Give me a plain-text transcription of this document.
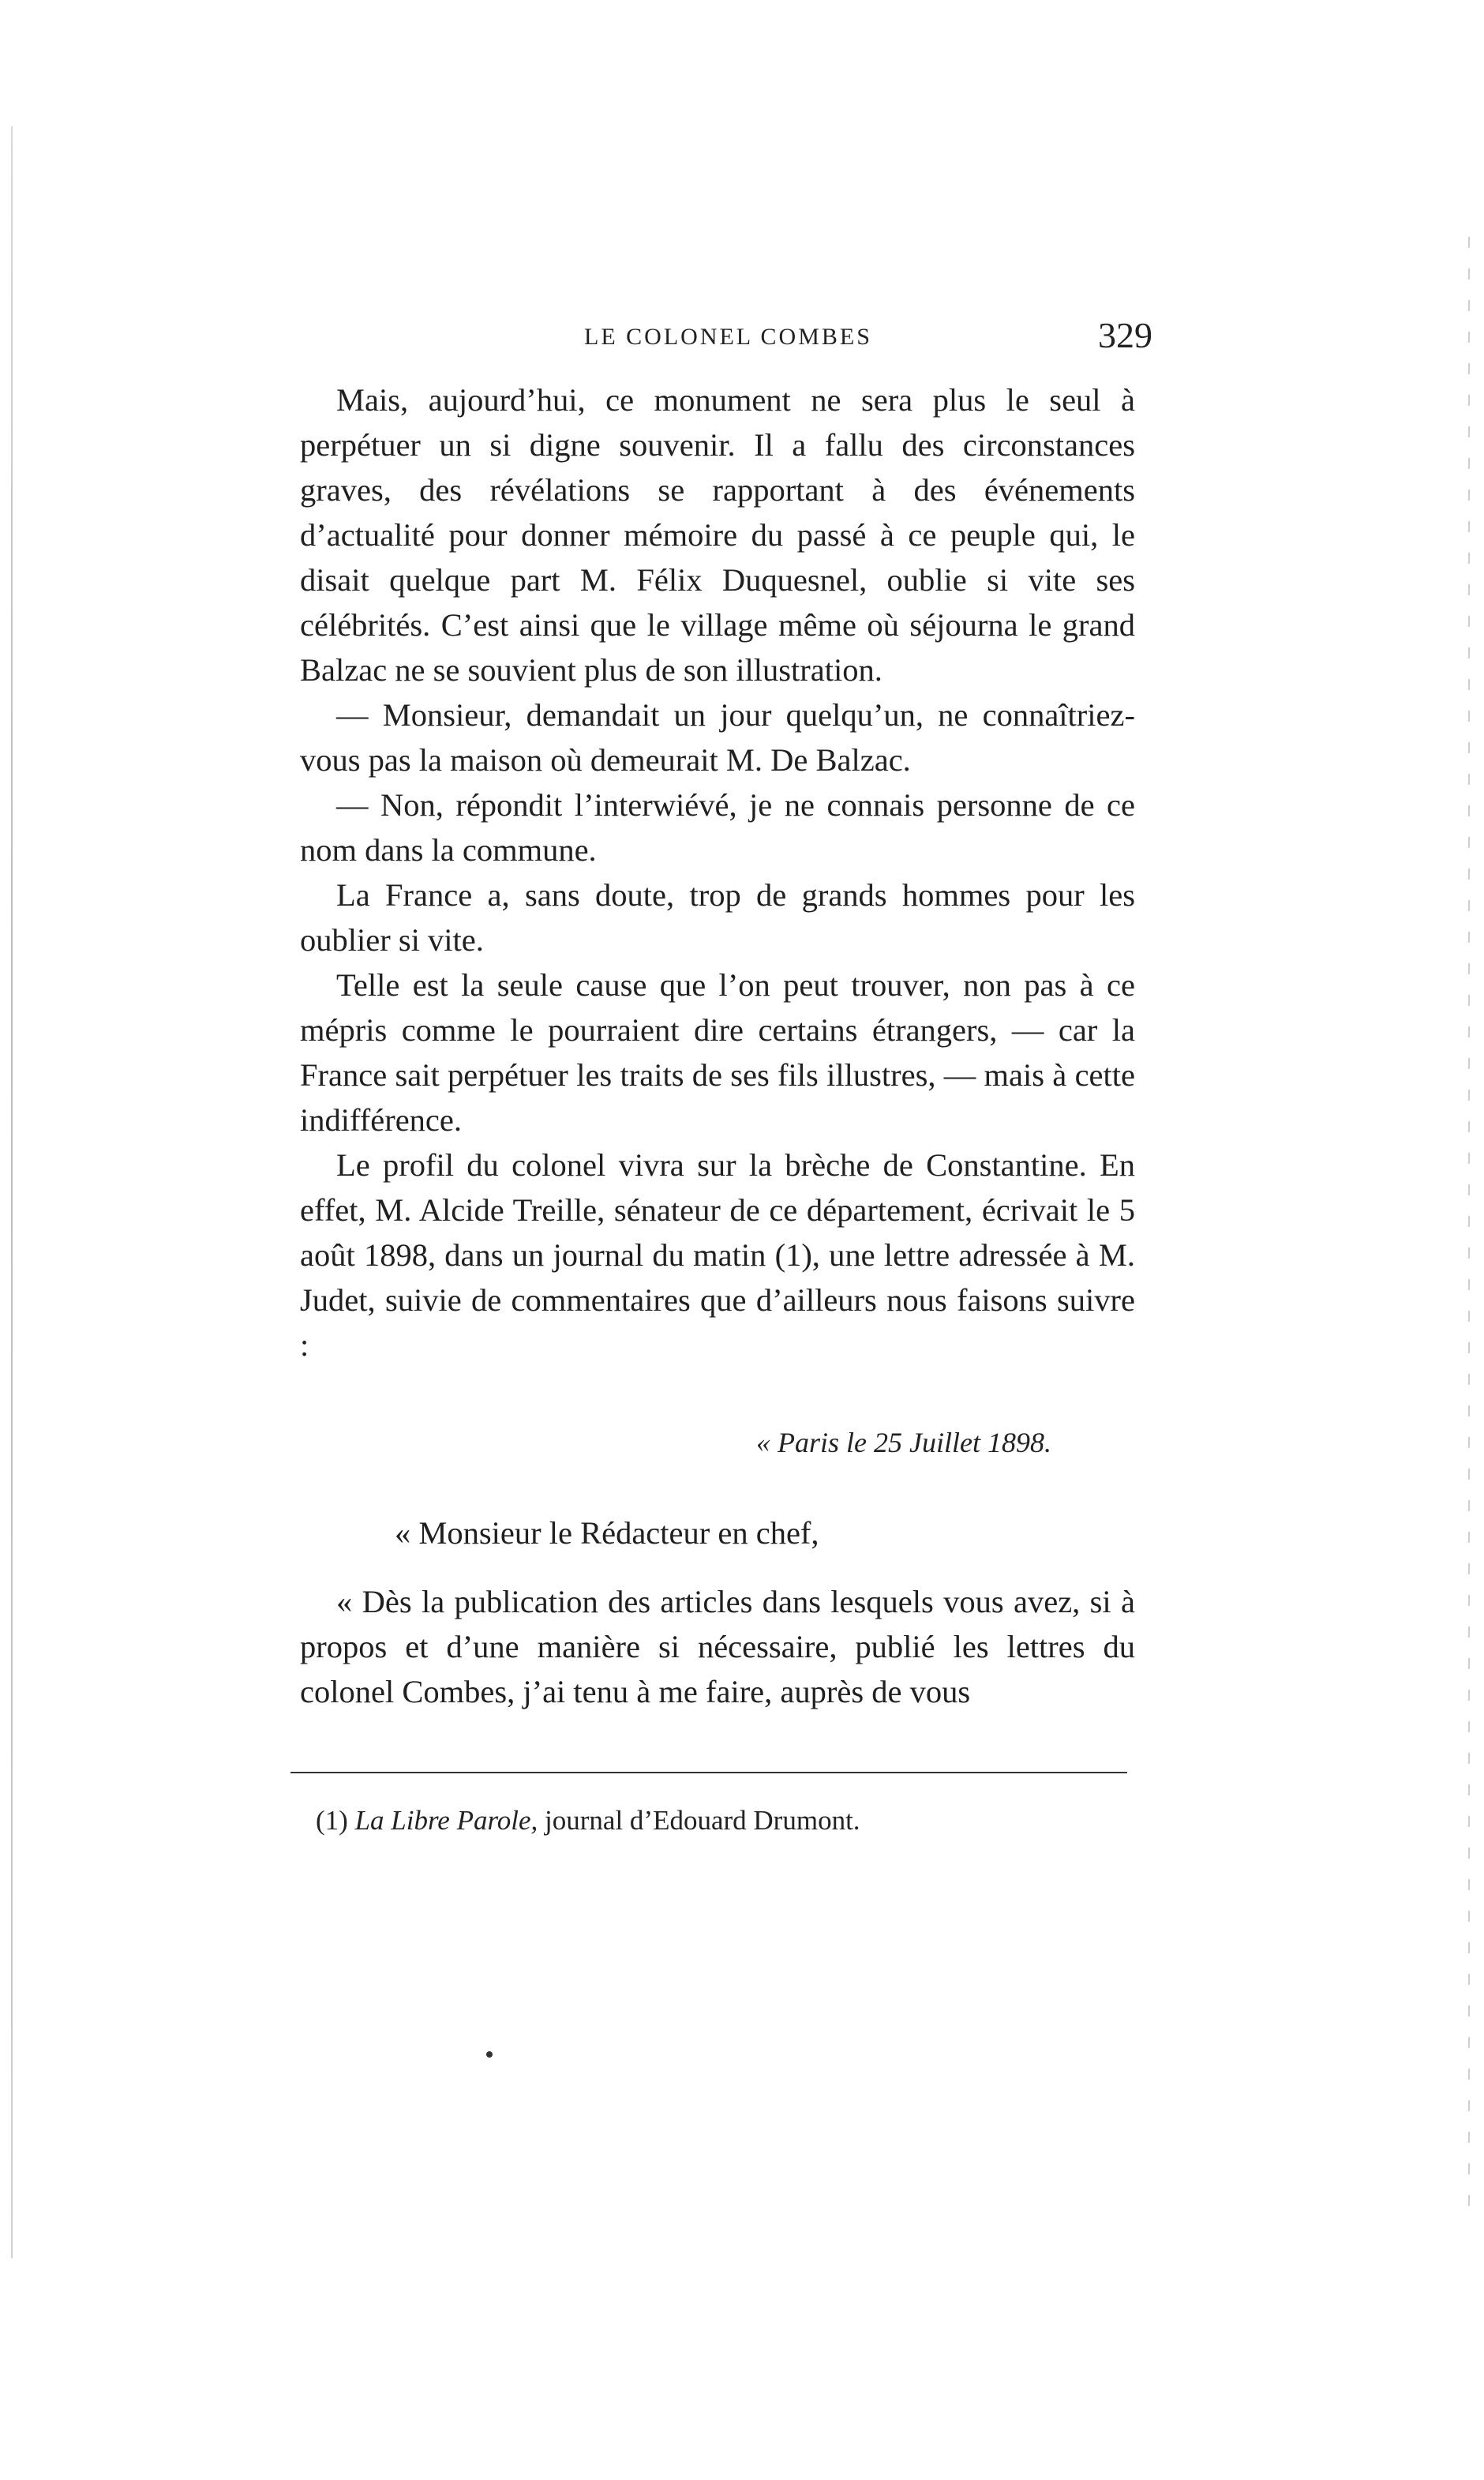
LE COLONEL COMBES	329

Mais, aujourd’hui, ce monument ne sera plus le seul à perpétuer un si digne souvenir. Il a fallu des circonstances graves, des révélations se rapportant à des événements d’actualité pour donner mémoire du passé à ce peuple qui, le disait quelque part M. Félix Duquesnel, oublie si vite ses célébrités. C’est ainsi que le village même où séjourna le grand Balzac ne se souvient plus de son illustration.

— Monsieur, demandait un jour quelqu’un, ne connaîtriez-vous pas la maison où demeurait M. De Balzac.

— Non, répondit l’interwiévé, je ne connais personne de ce nom dans la commune.

La France a, sans doute, trop de grands hommes pour les oublier si vite.

Telle est la seule cause que l’on peut trouver, non pas à ce mépris comme le pourraient dire certains étrangers, — car la France sait perpétuer les traits de ses fils illustres, — mais à cette indifférence.

Le profil du colonel vivra sur la brèche de Constantine. En effet, M. Alcide Treille, sénateur de ce département, écrivait le 5 août 1898, dans un journal du matin (1), une lettre adressée à M. Judet, suivie de commentaires que d’ailleurs nous faisons suivre :

« Paris le 25 Juillet 1898.
« Monsieur le Rédacteur en chef,

« Dès la publication des articles dans lesquels vous avez, si à propos et d’une manière si nécessaire, publié les lettres du colonel Combes, j’ai tenu à me faire, auprès de vous

(1) La Libre Parole, journal d’Edouard Drumont.
